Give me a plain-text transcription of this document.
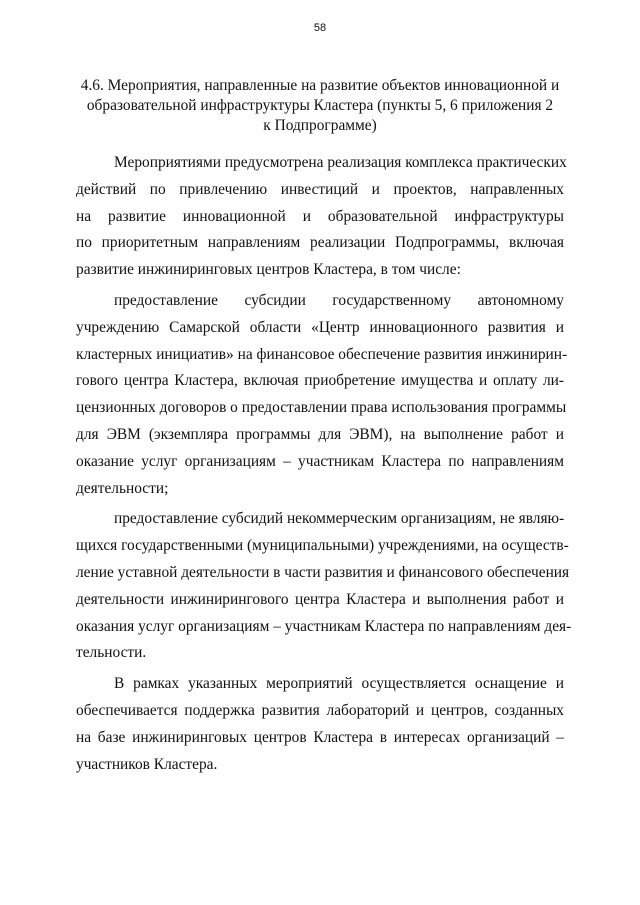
58
4.6. Мероприятия, направленные на развитие объектов инновационной и
образовательной инфраструктуры Кластера (пункты 5, 6 приложения 2
к Подпрограмме)
Мероприятиями предусмотрена реализация комплекса практических
действий по привлечению инвестиций и проектов, направленных
на развитие инновационной и образовательной инфраструктуры
по приоритетным направлениям реализации Подпрограммы, включая
развитие инжиниринговых центров Кластера, в том числе:
предоставление субсидии государственному автономному
учреждению Самарской области «Центр инновационного развития и
кластерных инициатив» на финансовое обеспечение развития инжинирин-
гового центра Кластера, включая приобретение имущества и оплату ли-
цензионных договоров о предоставлении права использования программы
для ЭВМ (экземпляра программы для ЭВМ), на выполнение работ и
оказание услуг организациям – участникам Кластера по направлениям
деятельности;
предоставление субсидий некоммерческим организациям, не являю-
щихся государственными (муниципальными) учреждениями, на осуществ-
ление уставной деятельности в части развития и финансового обеспечения
деятельности инжинирингового центра Кластера и выполнения работ и
оказания услуг организациям – участникам Кластера по направлениям дея-
тельности.
В рамках указанных мероприятий осуществляется оснащение и
обеспечивается поддержка развития лабораторий и центров, созданных
на базе инжиниринговых центров Кластера в интересах организаций –
участников Кластера.
